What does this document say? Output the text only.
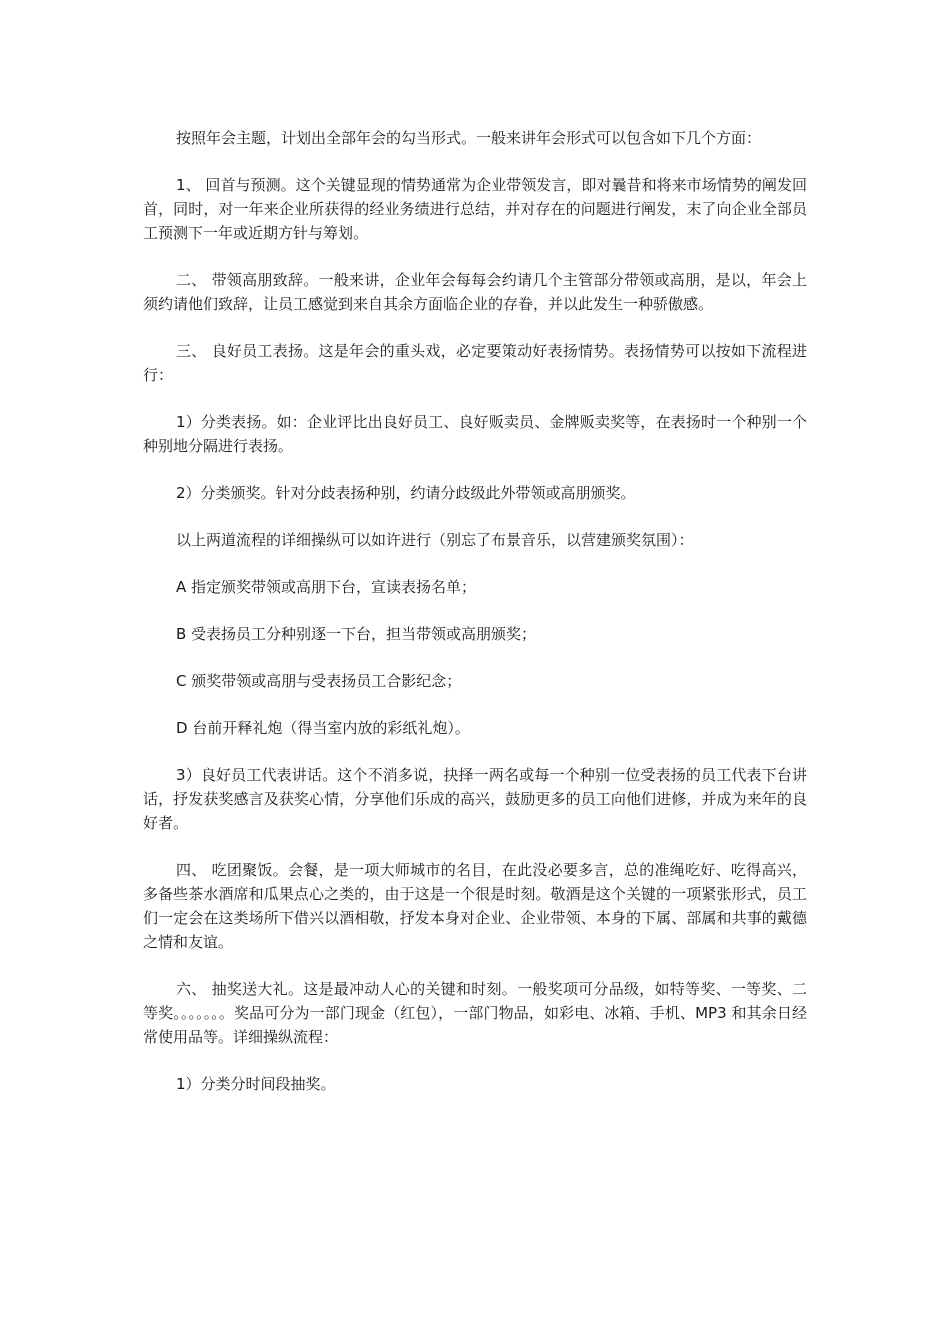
按照年会主题，计划出全部年会的勾当形式。一般来讲年会形式可以包含如下几个方面：

1、 回首与预测。这个关键显现的情势通常为企业带领发言，即对曩昔和将来市场情势的阐发回首，同时，对一年来企业所获得的经业务绩进行总结，并对存在的问题进行阐发，末了向企业全部员工预测下一年或近期方针与筹划。

二、 带领高朋致辞。一般来讲，企业年会每每会约请几个主管部分带领或高朋，是以，年会上须约请他们致辞，让员工感觉到来自其余方面临企业的存眷，并以此发生一种骄傲感。

三、 良好员工表扬。这是年会的重头戏，必定要策动好表扬情势。表扬情势可以按如下流程进行：

1）分类表扬。如：企业评比出良好员工、良好贩卖员、金牌贩卖奖等，在表扬时一个种别一个种别地分隔进行表扬。

2）分类颁奖。针对分歧表扬种别，约请分歧级此外带领或高朋颁奖。

以上两道流程的详细操纵可以如许进行（别忘了布景音乐，以营建颁奖氛围）：

A 指定颁奖带领或高朋下台，宣读表扬名单；

B 受表扬员工分种别逐一下台，担当带领或高朋颁奖；

C 颁奖带领或高朋与受表扬员工合影纪念；

D 台前开释礼炮（得当室内放的彩纸礼炮）。

3）良好员工代表讲话。这个不消多说，抉择一两名或每一个种别一位受表扬的员工代表下台讲话，抒发获奖感言及获奖心情，分享他们乐成的高兴，鼓励更多的员工向他们进修，并成为来年的良好者。

四、 吃团聚饭。会餐，是一项大师城市的名目，在此没必要多言，总的准绳吃好、吃得高兴，多备些茶水酒席和瓜果点心之类的，由于这是一个很是时刻。敬酒是这个关键的一项紧张形式，员工们一定会在这类场所下借兴以酒相敬，抒发本身对企业、企业带领、本身的下属、部属和共事的戴德之情和友谊。

六、 抽奖送大礼。这是最冲动人心的关键和时刻。一般奖项可分品级，如特等奖、一等奖、二等奖。。。。。。。奖品可分为一部门现金（红包），一部门物品，如彩电、冰箱、手机、MP3 和其余日经常使用品等。详细操纵流程：

1）分类分时间段抽奖。
